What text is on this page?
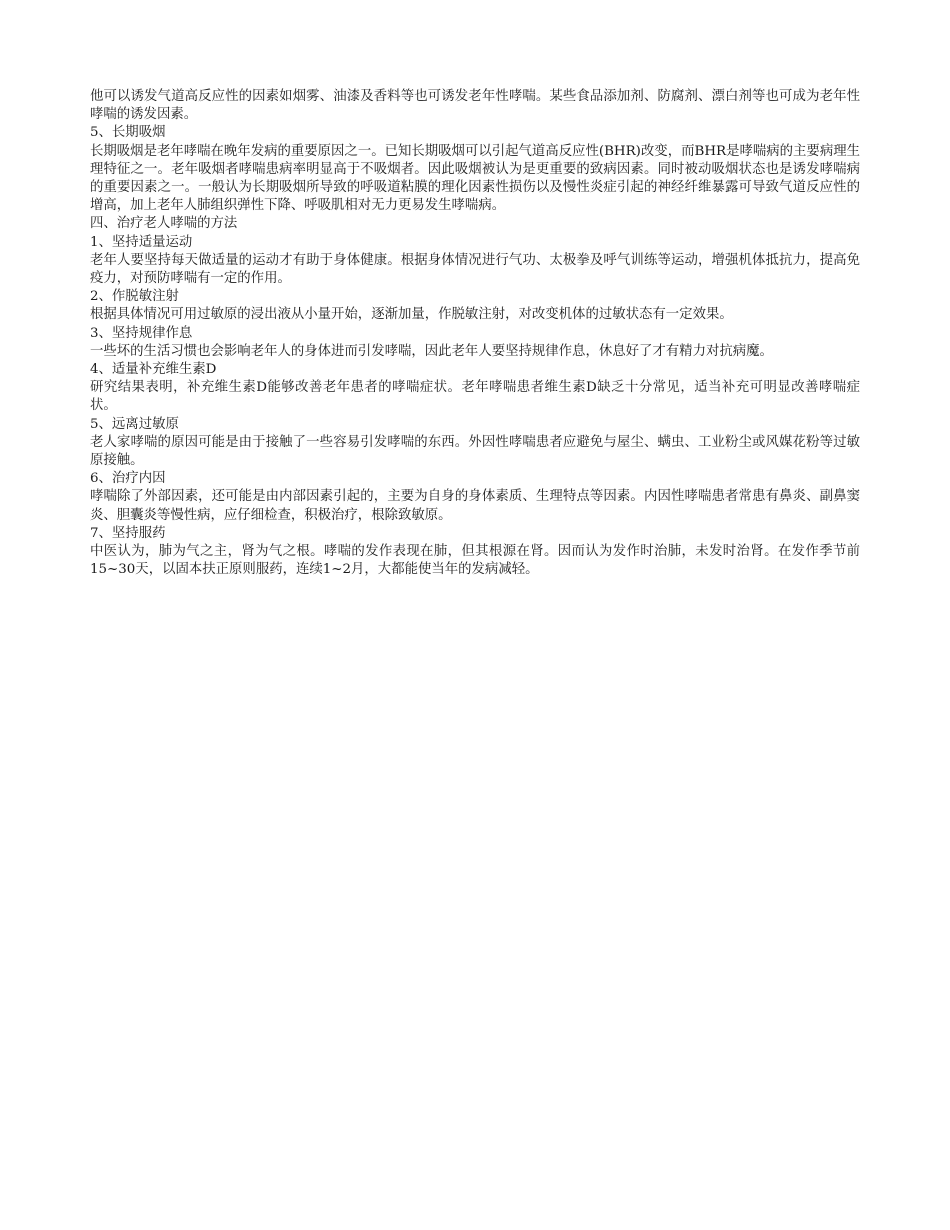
他可以诱发气道高反应性的因素如烟雾、油漆及香料等也可诱发老年性哮喘。某些食品添加剂、防腐剂、漂白剂等也可成为老年性哮喘的诱发因素。

5、长期吸烟

长期吸烟是老年哮喘在晚年发病的重要原因之一。已知长期吸烟可以引起气道高反应性(BHR)改变，而BHR是哮喘病的主要病理生理特征之一。老年吸烟者哮喘患病率明显高于不吸烟者。因此吸烟被认为是更重要的致病因素。同时被动吸烟状态也是诱发哮喘病的重要因素之一。一般认为长期吸烟所导致的呼吸道粘膜的理化因素性损伤以及慢性炎症引起的神经纤维暴露可导致气道反应性的增高，加上老年人肺组织弹性下降、呼吸肌相对无力更易发生哮喘病。

四、治疗老人哮喘的方法

1、坚持适量运动

老年人要坚持每天做适量的运动才有助于身体健康。根据身体情况进行气功、太极拳及呼气训练等运动，增强机体抵抗力，提高免疫力，对预防哮喘有一定的作用。

2、作脱敏注射

根据具体情况可用过敏原的浸出液从小量开始，逐渐加量，作脱敏注射，对改变机体的过敏状态有一定效果。

3、坚持规律作息

一些坏的生活习惯也会影响老年人的身体进而引发哮喘，因此老年人要坚持规律作息，休息好了才有精力对抗病魔。

4、适量补充维生素D

研究结果表明，补充维生素D能够改善老年患者的哮喘症状。老年哮喘患者维生素D缺乏十分常见，适当补充可明显改善哮喘症状。

5、远离过敏原

老人家哮喘的原因可能是由于接触了一些容易引发哮喘的东西。外因性哮喘患者应避免与屋尘、螨虫、工业粉尘或风媒花粉等过敏原接触。

6、治疗内因

哮喘除了外部因素，还可能是由内部因素引起的，主要为自身的身体素质、生理特点等因素。内因性哮喘患者常患有鼻炎、副鼻窦炎、胆囊炎等慢性病，应仔细检查，积极治疗，根除致敏原。

7、坚持服药

中医认为，肺为气之主，肾为气之根。哮喘的发作表现在肺，但其根源在肾。因而认为发作时治肺，未发时治肾。在发作季节前15~30天，以固本扶正原则服药，连续1~2月，大都能使当年的发病减轻。
